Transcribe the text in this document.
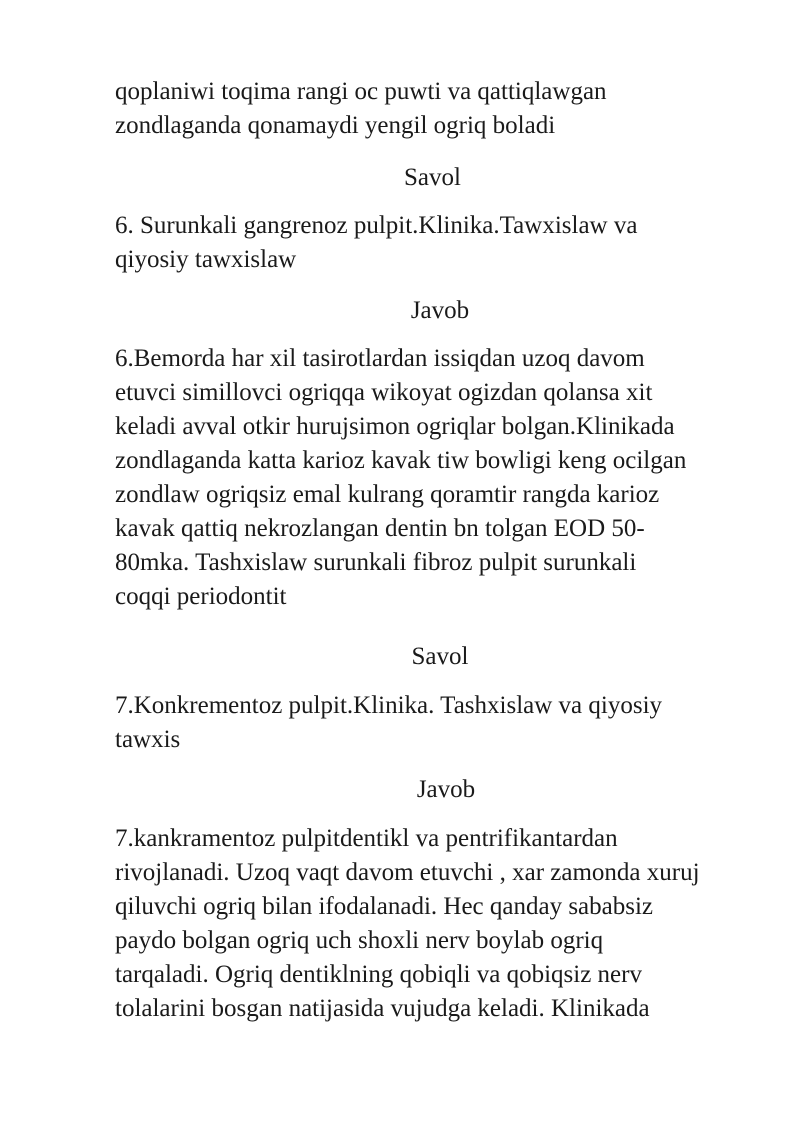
qoplaniwi toqima rangi oc puwti va qattiqlawgan
zondlaganda qonamaydi yengil ogriq boladi

Savol

6. Surunkali gangrenoz pulpit.Klinika.Tawxislaw va
qiyosiy tawxislaw

Javob

6.Bemorda har xil tasirotlardan issiqdan uzoq davom
etuvci simillovci ogriqqa wikoyat ogizdan qolansa xit
keladi avval otkir hurujsimon ogriqlar bolgan.Klinikada
zondlaganda katta karioz kavak tiw bowligi keng ocilgan
zondlaw ogriqsiz emal kulrang qoramtir rangda karioz
kavak qattiq nekrozlangan dentin bn tolgan EOD 50-
80mka. Tashxislaw surunkali fibroz pulpit surunkali
coqqi periodontit

Savol

7.Konkrementoz pulpit.Klinika. Tashxislaw va qiyosiy
tawxis

Javob

7.kankramentoz pulpitdentikl va pentrifikantardan
rivojlanadi. Uzoq vaqt davom etuvchi , xar zamonda xuruj
qiluvchi ogriq bilan ifodalanadi. Hec qanday sababsiz
paydo bolgan ogriq uch shoxli nerv boylab ogriq
tarqaladi. Ogriq dentiklning qobiqli va qobiqsiz nerv
tolalarini bosgan natijasida vujudga keladi. Klinikada
